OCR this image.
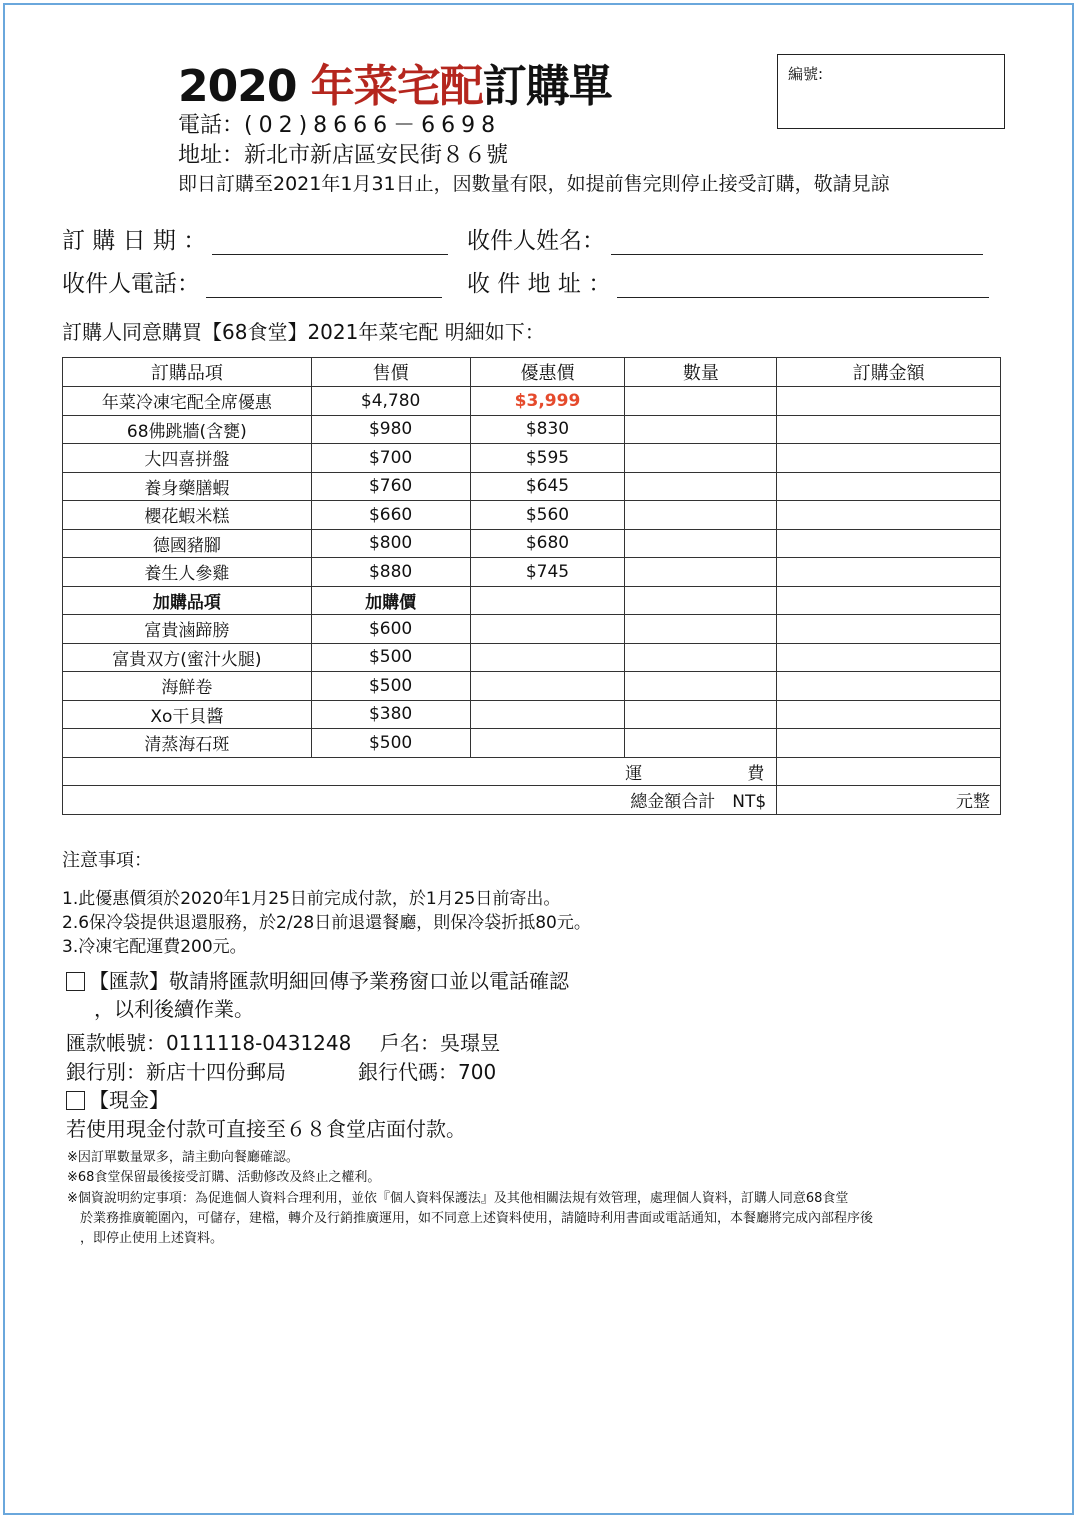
2020 年菜宅配訂購單	編號:
電話：(02)8666－6698
地址：新北市新店區安民街８６號
即日訂購至2021年1月31日止，因數量有限，如提前售完則停止接受訂購，敬請見諒
訂 購 日 期 ：	收件人姓名：
收件人電話：	收 件 地 址 ：
訂購人同意購買【68食堂】2021年菜宅配 明細如下：
訂購品項	售價	優惠價	數量	訂購金額
年菜冷凍宅配全席優惠	$4,780	$3,999		
68佛跳牆(含甕)	$980	$830		
大四喜拼盤	$700	$595		
養身藥膳蝦	$760	$645		
櫻花蝦米糕	$660	$560		
德國豬腳	$800	$680		
養生人參雞	$880	$745		
加購品項	加購價			
富貴滷蹄膀	$600			
富貴双方(蜜汁火腿)	$500			
海鮮卷	$500			
Xo干貝醬	$380			
清蒸海石斑	$500			
運 費				
總金額合計　NT$				元整
注意事項：
1.此優惠價須於2020年1月25日前完成付款，於1月25日前寄出。
2.6保冷袋提供退還服務，於2/28日前退還餐廳，則保冷袋折抵80元。
3.冷凍宅配運費200元。
【匯款】敬請將匯款明細回傳予業務窗口並以電話確認
，以利後續作業。
匯款帳號：0111118-0431248 戶名：吳璟昱
銀行別：新店十四份郵局	銀行代碼：700
【現金】
若使用現金付款可直接至６８食堂店面付款。
※因訂單數量眾多，請主動向餐廳確認。
※68食堂保留最後接受訂購、活動修改及終止之權利。
※個資說明約定事項：為促進個人資料合理利用，並依『個人資料保護法』及其他相關法規有效管理，處理個人資料，訂購人同意68食堂
於業務推廣範圍內，可儲存，建檔，轉介及行銷推廣運用，如不同意上述資料使用，請隨時利用書面或電話通知，本餐廳將完成內部程序後
，即停止使用上述資料。
